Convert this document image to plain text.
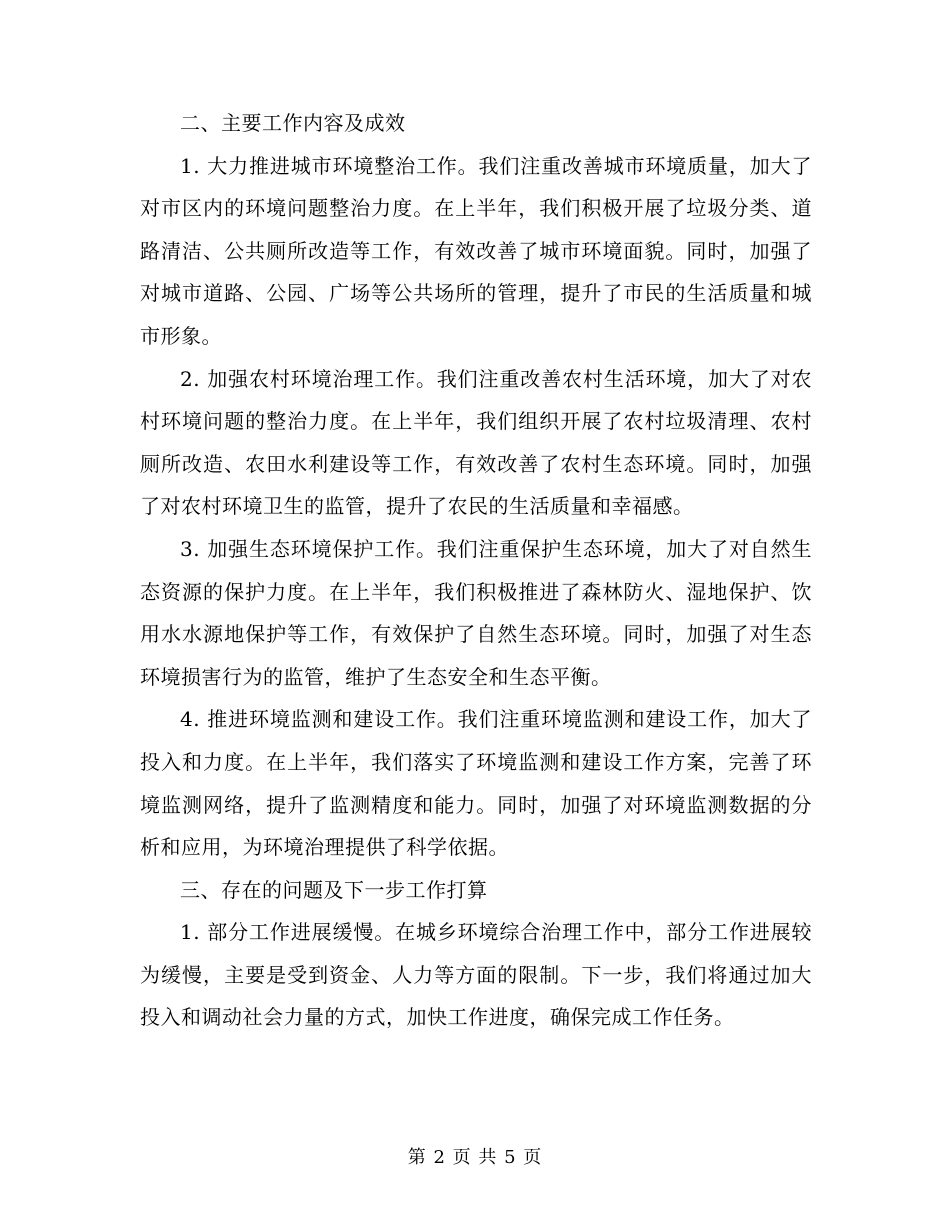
二、主要工作内容及成效

1. 大力推进城市环境整治工作。我们注重改善城市环境质量，加大了对市区内的环境问题整治力度。在上半年，我们积极开展了垃圾分类、道路清洁、公共厕所改造等工作，有效改善了城市环境面貌。同时，加强了对城市道路、公园、广场等公共场所的管理，提升了市民的生活质量和城市形象。

2. 加强农村环境治理工作。我们注重改善农村生活环境，加大了对农村环境问题的整治力度。在上半年，我们组织开展了农村垃圾清理、农村厕所改造、农田水利建设等工作，有效改善了农村生态环境。同时，加强了对农村环境卫生的监管，提升了农民的生活质量和幸福感。

3. 加强生态环境保护工作。我们注重保护生态环境，加大了对自然生态资源的保护力度。在上半年，我们积极推进了森林防火、湿地保护、饮用水水源地保护等工作，有效保护了自然生态环境。同时，加强了对生态环境损害行为的监管，维护了生态安全和生态平衡。

4. 推进环境监测和建设工作。我们注重环境监测和建设工作，加大了投入和力度。在上半年，我们落实了环境监测和建设工作方案，完善了环境监测网络，提升了监测精度和能力。同时，加强了对环境监测数据的分析和应用，为环境治理提供了科学依据。

三、存在的问题及下一步工作打算

1. 部分工作进展缓慢。在城乡环境综合治理工作中，部分工作进展较为缓慢，主要是受到资金、人力等方面的限制。下一步，我们将通过加大投入和调动社会力量的方式，加快工作进度，确保完成工作任务。

第 2 页 共 5 页
